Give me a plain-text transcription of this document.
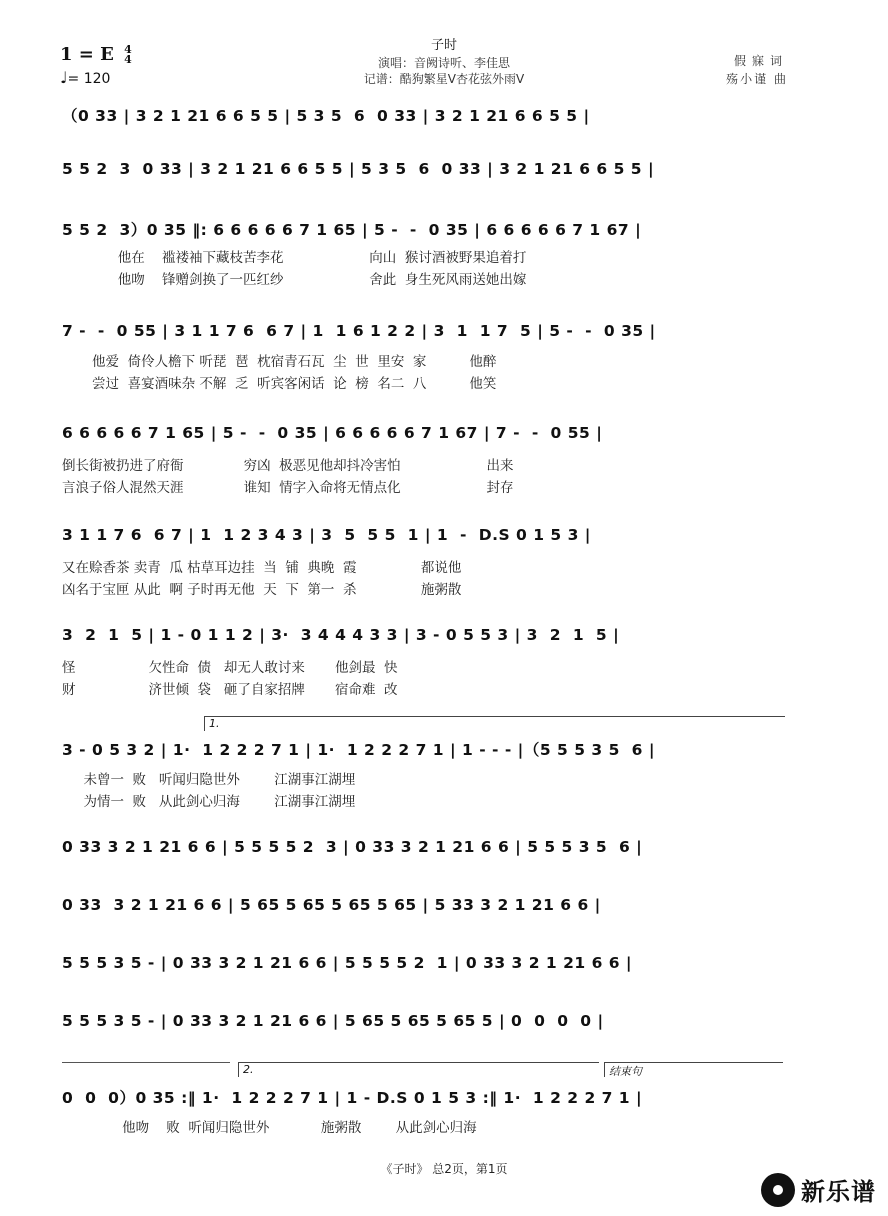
子时
演唱：音阙诗听、李佳思
记谱：酷狗繁星V杏花弦外雨V
假寐词
殇小谨 曲
1 = E 4
4
♩= 120
（0 33 | 3 2 1 21 6 6 5 5 | 5 3 5  6  0 33 | 3 2 1 21 6 6 5 5 |
5 5 2  3  0 33 | 3 2 1 21 6 6 5 5 | 5 3 5  6  0 33 | 3 2 1 21 6 6 5 5 |
5 5 2  3）0 35 ‖: 6 6 6 6 6 7 1 65 | 5 -  -  0 35 | 6 6 6 6 6 7 1 67 |
他在    褴褛袖下藏枝苦李花                    向山  猴讨酒被野果追着打
他吻    锋赠剑换了一匹红纱                    舍此  身生死风雨送她出嫁
7 -  -  0 55 | 3 1 1 7 6  6 7 | 1  1 6 1 2 2 | 3  1  1 7  5 | 5 -  -  0 35 |
他爱  倚伶人檐下 听琵  琶  枕宿青石瓦  尘  世  里安  家          他醉
尝过  喜宴酒味杂 不解  乏  听宾客闲话  论  榜  名二  八          他笑
6 6 6 6 6 7 1 65 | 5 -  -  0 35 | 6 6 6 6 6 7 1 67 | 7 -  -  0 55 |
倒长街被扔进了府衙              穷凶  极恶见他却抖冷害怕                    出来
言浪子俗人混然天涯              谁知  情字入命将无情点化                    封存
3 1 1 7 6  6 7 | 1  1 2 3 4 3 | 3  5  5 5  1 | 1  -  D.S 0 1 5 3 |
又在赊香茶 卖青  瓜 枯草耳边挂  当  铺  典晚  霞               都说他
凶名于宝匣 从此  啊 子时再无他  天  下  第一  杀               施粥散
3  2  1  5 | 1 - 0 1 1 2 | 3·  3 4 4 4 3 3 | 3 - 0 5 5 3 | 3  2  1  5 |
怪                 欠性命  债   却无人敢讨来       他剑最  快
财                 济世倾  袋   砸了自家招牌       宿命难  改
1.
3 - 0 5 3 2 | 1·  1 2 2 2 7 1 | 1·  1 2 2 2 7 1 | 1 - - - |（5 5 5 3 5  6 |
未曾一  败   听闻归隐世外        江湖事江湖埋
为情一  败   从此剑心归海        江湖事江湖埋
0 33 3 2 1 21 6 6 | 5 5 5 5 2  3 | 0 33 3 2 1 21 6 6 | 5 5 5 3 5  6 |
0 33  3 2 1 21 6 6 | 5 65 5 65 5 65 5 65 | 5 33 3 2 1 21 6 6 |
5 5 5 3 5 - | 0 33 3 2 1 21 6 6 | 5 5 5 5 2  1 | 0 33 3 2 1 21 6 6 |
5 5 5 3 5 - | 0 33 3 2 1 21 6 6 | 5 65 5 65 5 65 5 | 0  0  0  0 |
2.	结束句
0  0  0）0 35 :‖ 1·  1 2 2 2 7 1 | 1 - D.S 0 1 5 3 :‖ 1·  1 2 2 2 7 1 |
他吻    败  听闻归隐世外            施粥散        从此剑心归海
《子时》 总2页，第1页
新乐谱
